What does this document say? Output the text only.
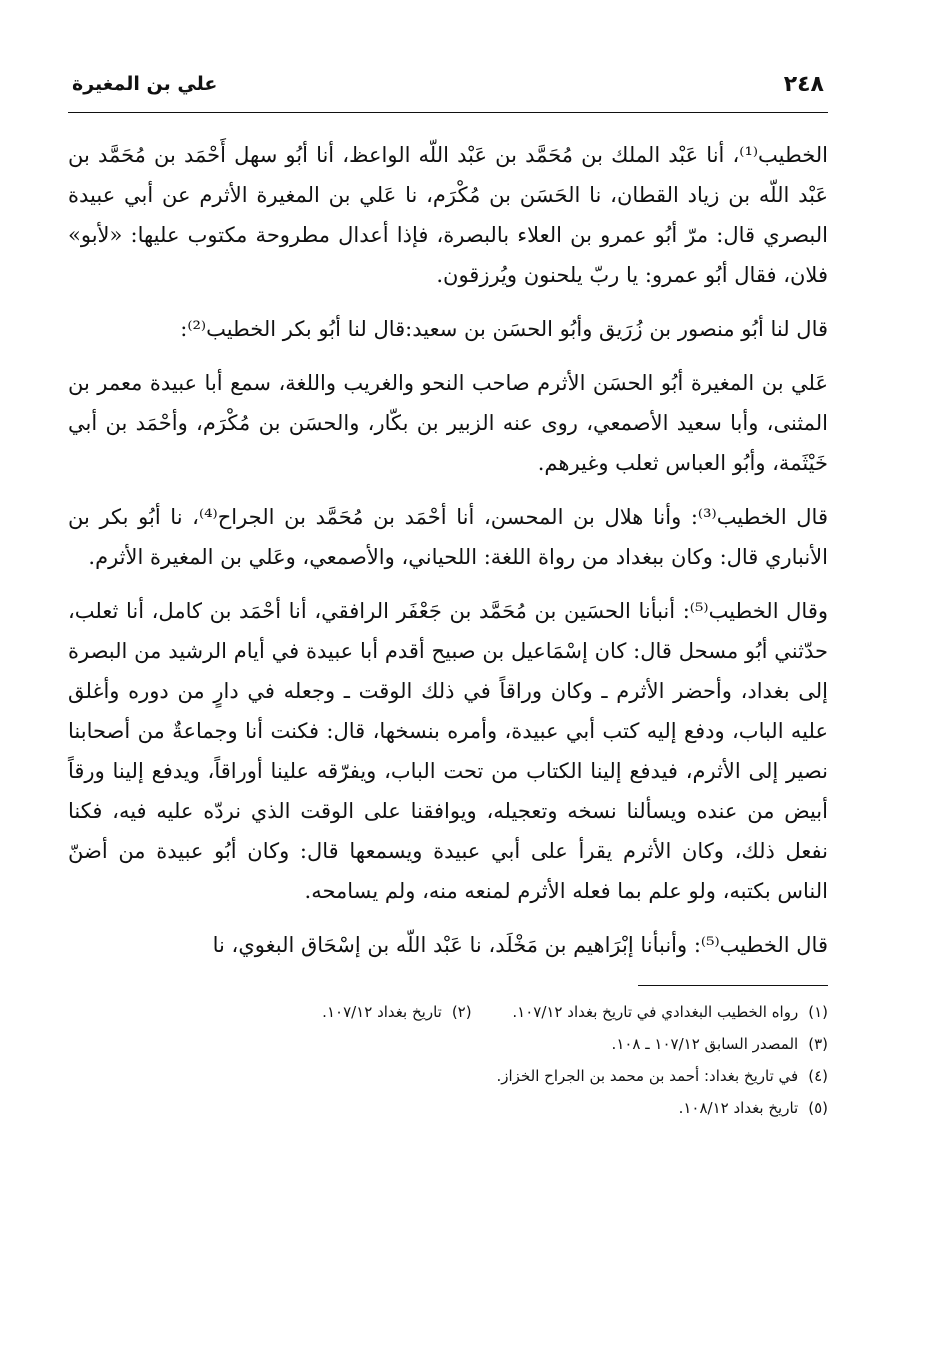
٢٤٨
علي بن المغيرة

الخطيب⁽¹⁾، أنا عَبْد الملك بن مُحَمَّد بن عَبْد اللّه الواعظ، أنا أبُو سهل أَحْمَد بن مُحَمَّد بن عَبْد اللّه بن زياد القطان، نا الحَسَن بن مُكْرَم، نا عَلي بن المغيرة الأثرم عن أبي عبيدة البصري قال: مرّ أبُو عمرو بن العلاء بالبصرة، فإذا أعدال مطروحة مكتوب عليها: «لأبو» فلان، فقال أبُو عمرو: يا ربّ يلحنون ويُرزقون.

قال لنا أبُو منصور بن زُرَيق وأبُو الحسَن بن سعيد:قال لنا أبُو بكر الخطيب⁽²⁾:

عَلي بن المغيرة أبُو الحسَن الأثرم صاحب النحو والغريب واللغة، سمع أبا عبيدة معمر بن المثنى، وأبا سعيد الأصمعي، روى عنه الزبير بن بكّار، والحسَن بن مُكْرَم، وأحْمَد بن أبي خَيْثَمة، وأبُو العباس ثعلب وغيرهم.

قال الخطيب⁽³⁾: وأنا هلال بن المحسن، أنا أحْمَد بن مُحَمَّد بن الجراح⁽⁴⁾، نا أبُو بكر بن الأنباري قال: وكان ببغداد من رواة اللغة: اللحياني، والأصمعي، وعَلي بن المغيرة الأثرم.

وقال الخطيب⁽⁵⁾: أنبأنا الحسَين بن مُحَمَّد بن جَعْفَر الرافقي، أنا أحْمَد بن كامل، أنا ثعلب، حدّثني أبُو مسحل قال: كان إسْمَاعيل بن صبيح أقدم أبا عبيدة في أيام الرشيد من البصرة إلى بغداد، وأحضر الأثرم ـ وكان وراقاً في ذلك الوقت ـ وجعله في دارٍ من دوره وأغلق عليه الباب، ودفع إليه كتب أبي عبيدة، وأمره بنسخها، قال: فكنت أنا وجماعةٌ من أصحابنا نصير إلى الأثرم، فيدفع إلينا الكتاب من تحت الباب، ويفرّقه علينا أوراقاً، ويدفع إلينا ورقاً أبيض من عنده ويسألنا نسخه وتعجيله، ويوافقنا على الوقت الذي نردّه عليه فيه، فكنا نفعل ذلك، وكان الأثرم يقرأ على أبي عبيدة ويسمعها قال: وكان أبُو عبيدة من أضنّ الناس بكتبه، ولو علم بما فعله الأثرم لمنعه منه، ولم يسامحه.

قال الخطيب⁽⁵⁾: وأنبأنا إبْرَاهيم بن مَخْلَد، نا عَبْد اللّه بن إسْحَاق البغوي، نا

(١)رواه الخطيب البغدادي في تاريخ بغداد ١٠٧/١٢. (٢)تاريخ بغداد ١٠٧/١٢.
(٣)المصدر السابق ١٠٧/١٢ ـ ١٠٨.
(٤)في تاريخ بغداد: أحمد بن محمد بن الجراح الخزاز.
(٥)تاريخ بغداد ١٠٨/١٢.
